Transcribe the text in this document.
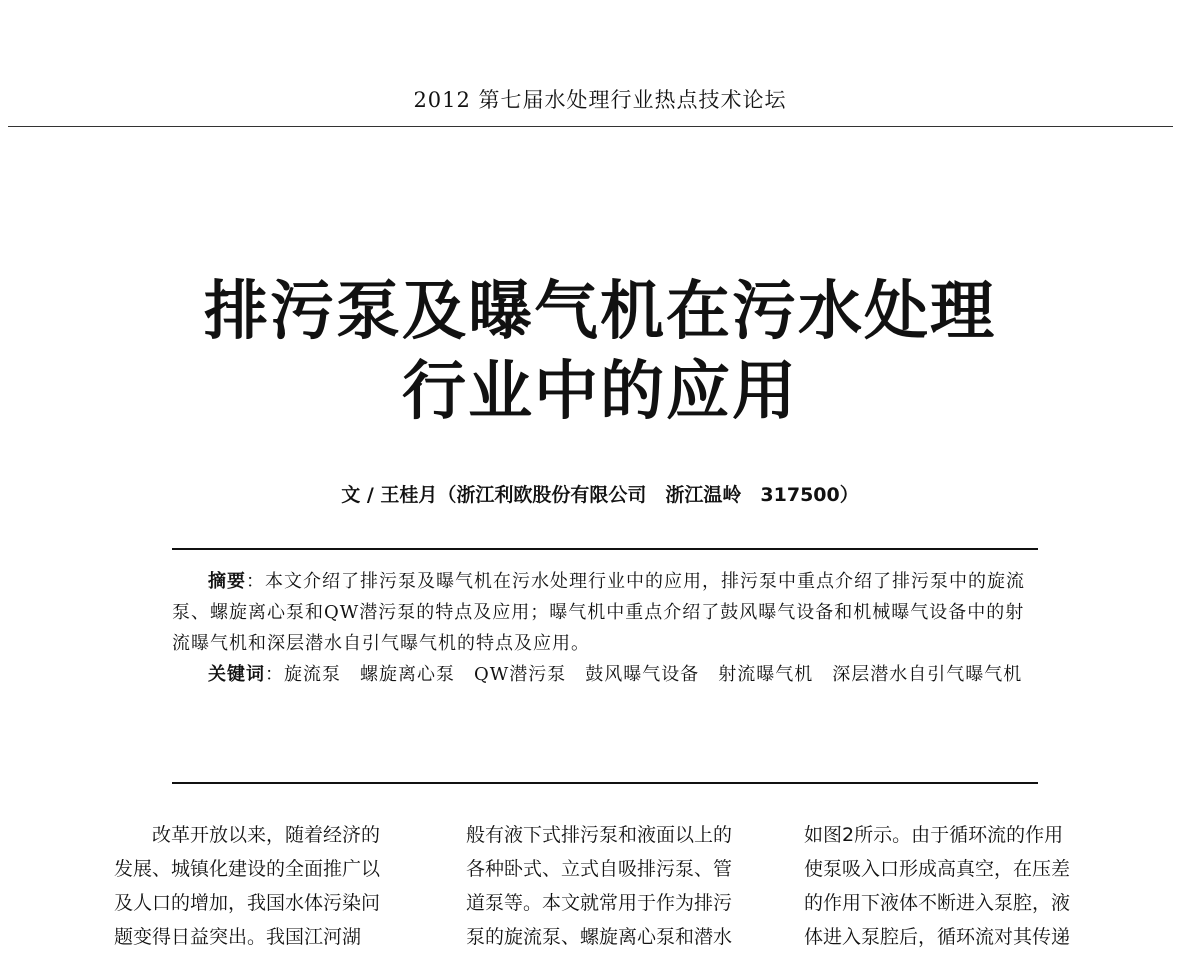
2012 第七届水处理行业热点技术论坛
排污泵及曝气机在污水处理
行业中的应用
文 / 王桂月（浙江利欧股份有限公司　浙江温岭　317500）

摘要：本文介绍了排污泵及曝气机在污水处理行业中的应用，排污泵中重点介绍了排污泵中的旋流泵、螺旋离心泵和QW潜污泵的特点及应用；曝气机中重点介绍了鼓风曝气设备和机械曝气设备中的射流曝气机和深层潜水自引气曝气机的特点及应用。

关键词：旋流泵　螺旋离心泵　QW潜污泵　鼓风曝气设备　射流曝气机　深层潜水自引气曝气机

改革开放以来，随着经济的发展、城镇化建设的全面推广以及人口的增加，我国水体污染问题变得日益突出。我国江河湖

般有液下式排污泵和液面以上的各种卧式、立式自吸排污泵、管道泵等。本文就常用于作为排污泵的旋流泵、螺旋离心泵和潜水

如图2所示。由于循环流的作用使泵吸入口形成高真空，在压差的作用下液体不断进入泵腔，液体进入泵腔后，循环流对其传递
